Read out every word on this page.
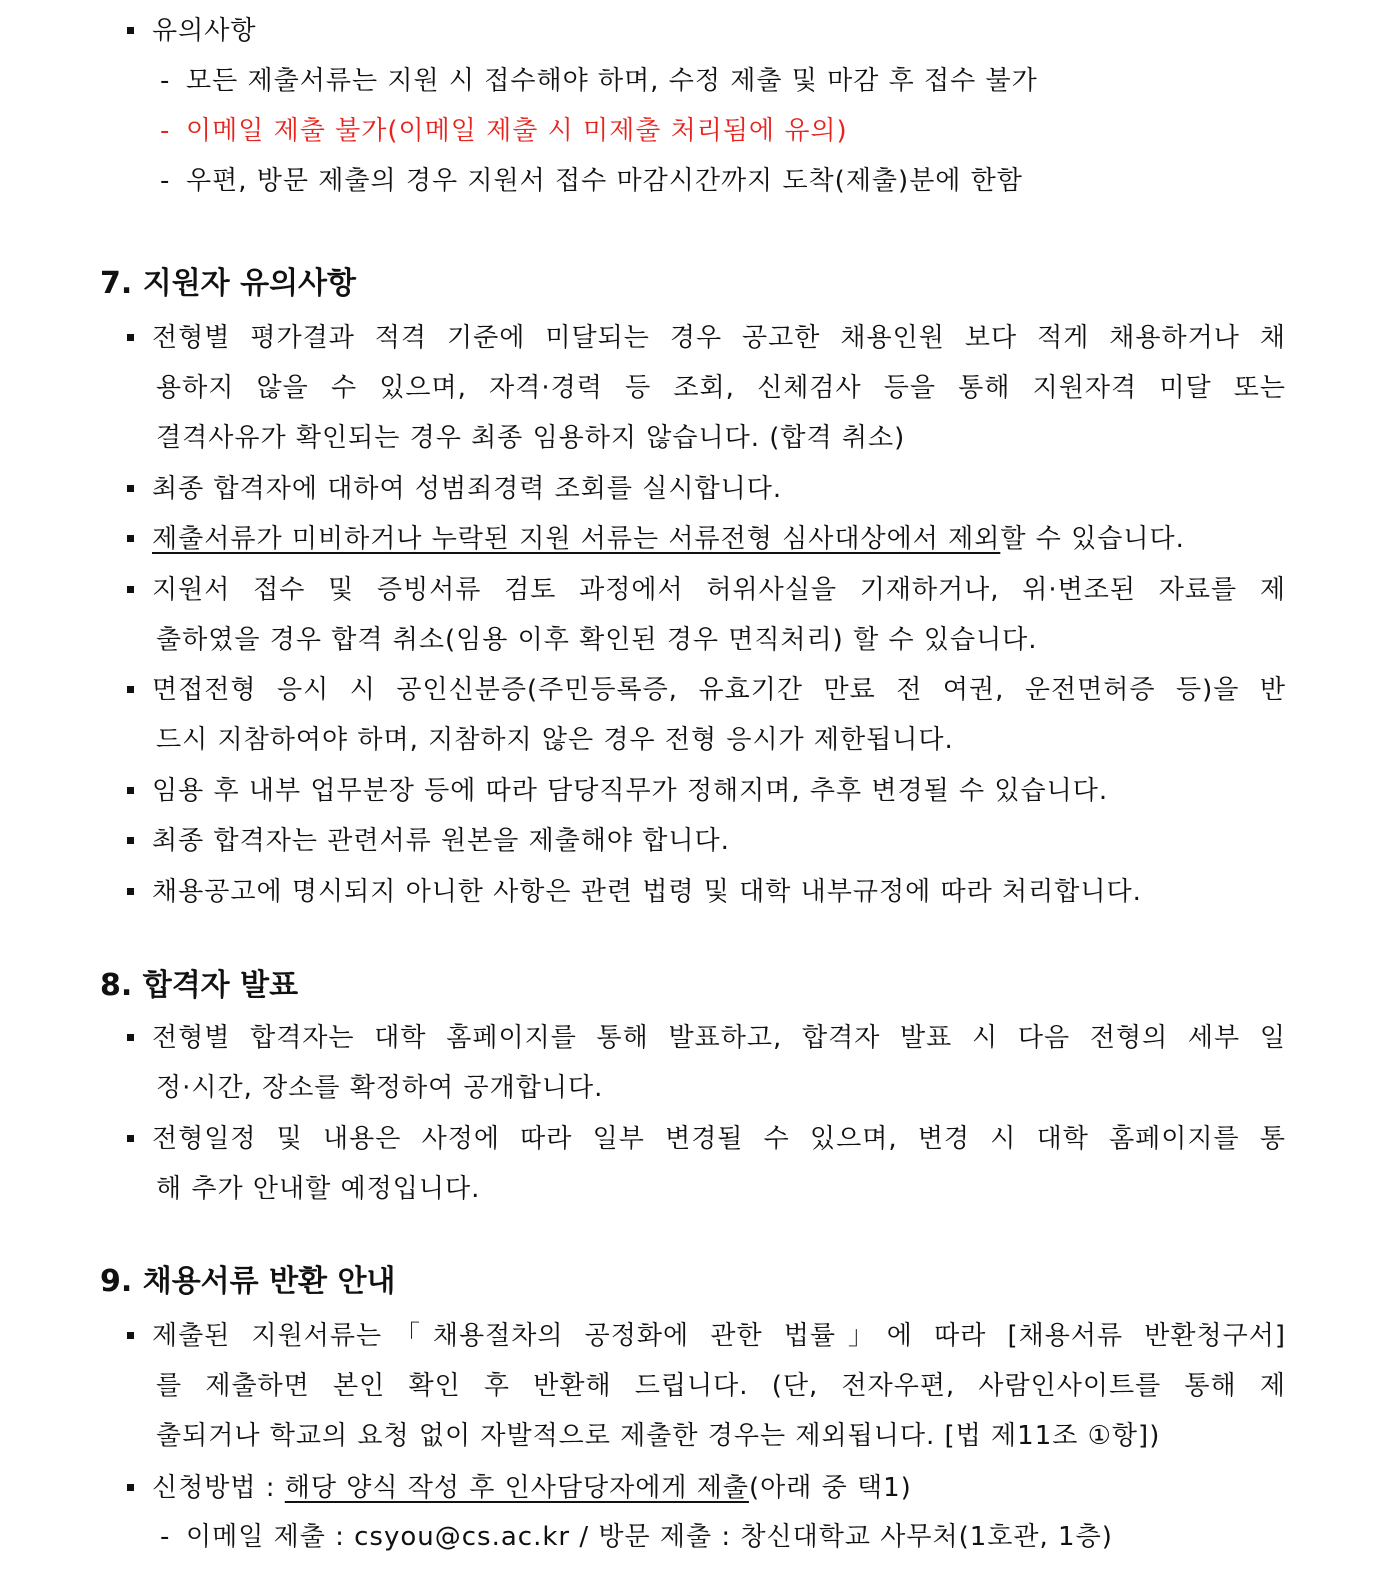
유의사항
- 모든 제출서류는 지원 시 접수해야 하며, 수정 제출 및 마감 후 접수 불가
- 이메일 제출 불가(이메일 제출 시 미제출 처리됨에 유의)
- 우편, 방문 제출의 경우 지원서 접수 마감시간까지 도착(제출)분에 한함
7. 지원자 유의사항
전형별 평가결과 적격 기준에 미달되는 경우 공고한 채용인원 보다 적게 채용하거나 채
용하지 않을 수 있으며, 자격·경력 등 조회, 신체검사 등을 통해 지원자격 미달 또는
결격사유가 확인되는 경우 최종 임용하지 않습니다. (합격 취소)
최종 합격자에 대하여 성범죄경력 조회를 실시합니다.
제출서류가 미비하거나 누락된 지원 서류는 서류전형 심사대상에서 제외할 수 있습니다.
지원서 접수 및 증빙서류 검토 과정에서 허위사실을 기재하거나, 위·변조된 자료를 제
출하였을 경우 합격 취소(임용 이후 확인된 경우 면직처리) 할 수 있습니다.
면접전형 응시 시 공인신분증(주민등록증, 유효기간 만료 전 여권, 운전면허증 등)을 반
드시 지참하여야 하며, 지참하지 않은 경우 전형 응시가 제한됩니다.
임용 후 내부 업무분장 등에 따라 담당직무가 정해지며, 추후 변경될 수 있습니다.
최종 합격자는 관련서류 원본을 제출해야 합니다.
채용공고에 명시되지 아니한 사항은 관련 법령 및 대학 내부규정에 따라 처리합니다.
8. 합격자 발표
전형별 합격자는 대학 홈페이지를 통해 발표하고, 합격자 발표 시 다음 전형의 세부 일
정·시간, 장소를 확정하여 공개합니다.
전형일정 및 내용은 사정에 따라 일부 변경될 수 있으며, 변경 시 대학 홈페이지를 통
해 추가 안내할 예정입니다.
9. 채용서류 반환 안내
제출된 지원서류는「채용절차의 공정화에 관한 법률」에 따라 [채용서류 반환청구서]
를 제출하면 본인 확인 후 반환해 드립니다. (단, 전자우편, 사람인사이트를 통해 제
출되거나 학교의 요청 없이 자발적으로 제출한 경우는 제외됩니다. [법 제11조 ①항])
신청방법 : 해당 양식 작성 후 인사담당자에게 제출(아래 중 택1)
- 이메일 제출 : csyou@cs.ac.kr / 방문 제출 : 창신대학교 사무처(1호관, 1층)
